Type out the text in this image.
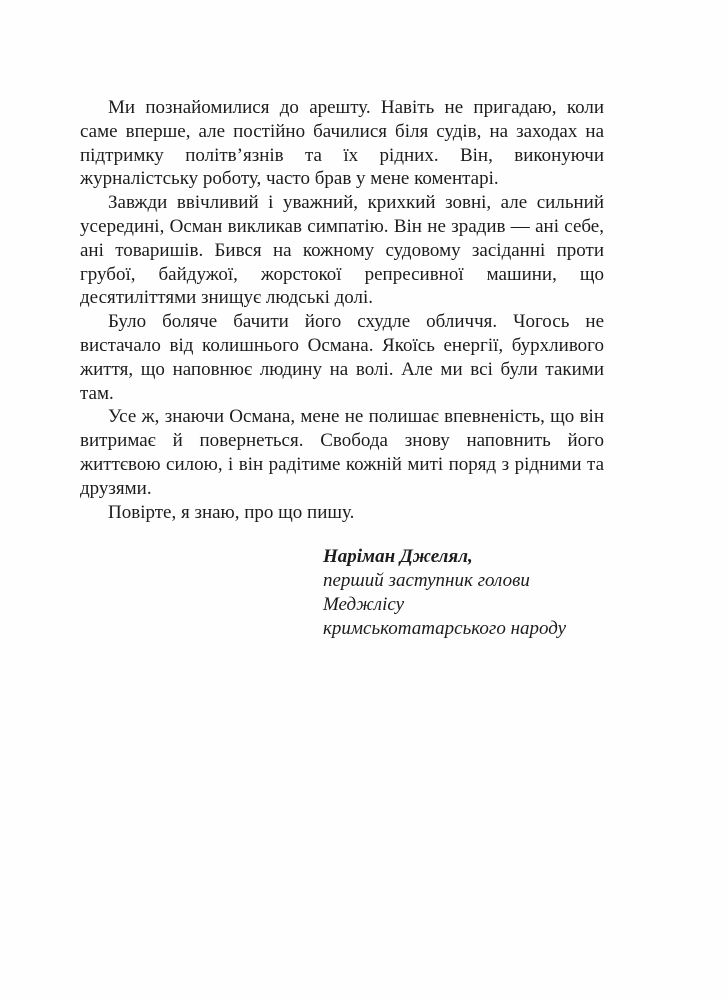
Ми познайомилися до арешту. Навіть не пригадаю, коли саме вперше, але постійно бачилися біля судів, на заходах на підтримку політв’язнів та їх рідних. Він, виконуючи журналістську роботу, часто брав у мене коментарі.

Завжди ввічливий і уважний, крихкий зовні, але сильний усередині, Осман викликав симпатію. Він не зрадив — ані себе, ані товаришів. Бився на кожному судовому засіданні проти грубої, байдужої, жорстокої репресивної машини, що десятиліттями знищує людські долі.

Було боляче бачити його схудле обличчя. Чогось не вистачало від колишнього Османа. Якоїсь енергії, бурхливого життя, що наповнює людину на волі. Але ми всі були такими там.

Усе ж, знаючи Османа, мене не полишає впевненість, що він витримає й повернеться. Свобода знову наповнить його життєвою силою, і він радітиме кожній миті поряд з рідними та друзями.

Повірте, я знаю, про що пишу.

Наріман Джелял,
перший заступник голови Меджлісу
кримськотатарського народу
